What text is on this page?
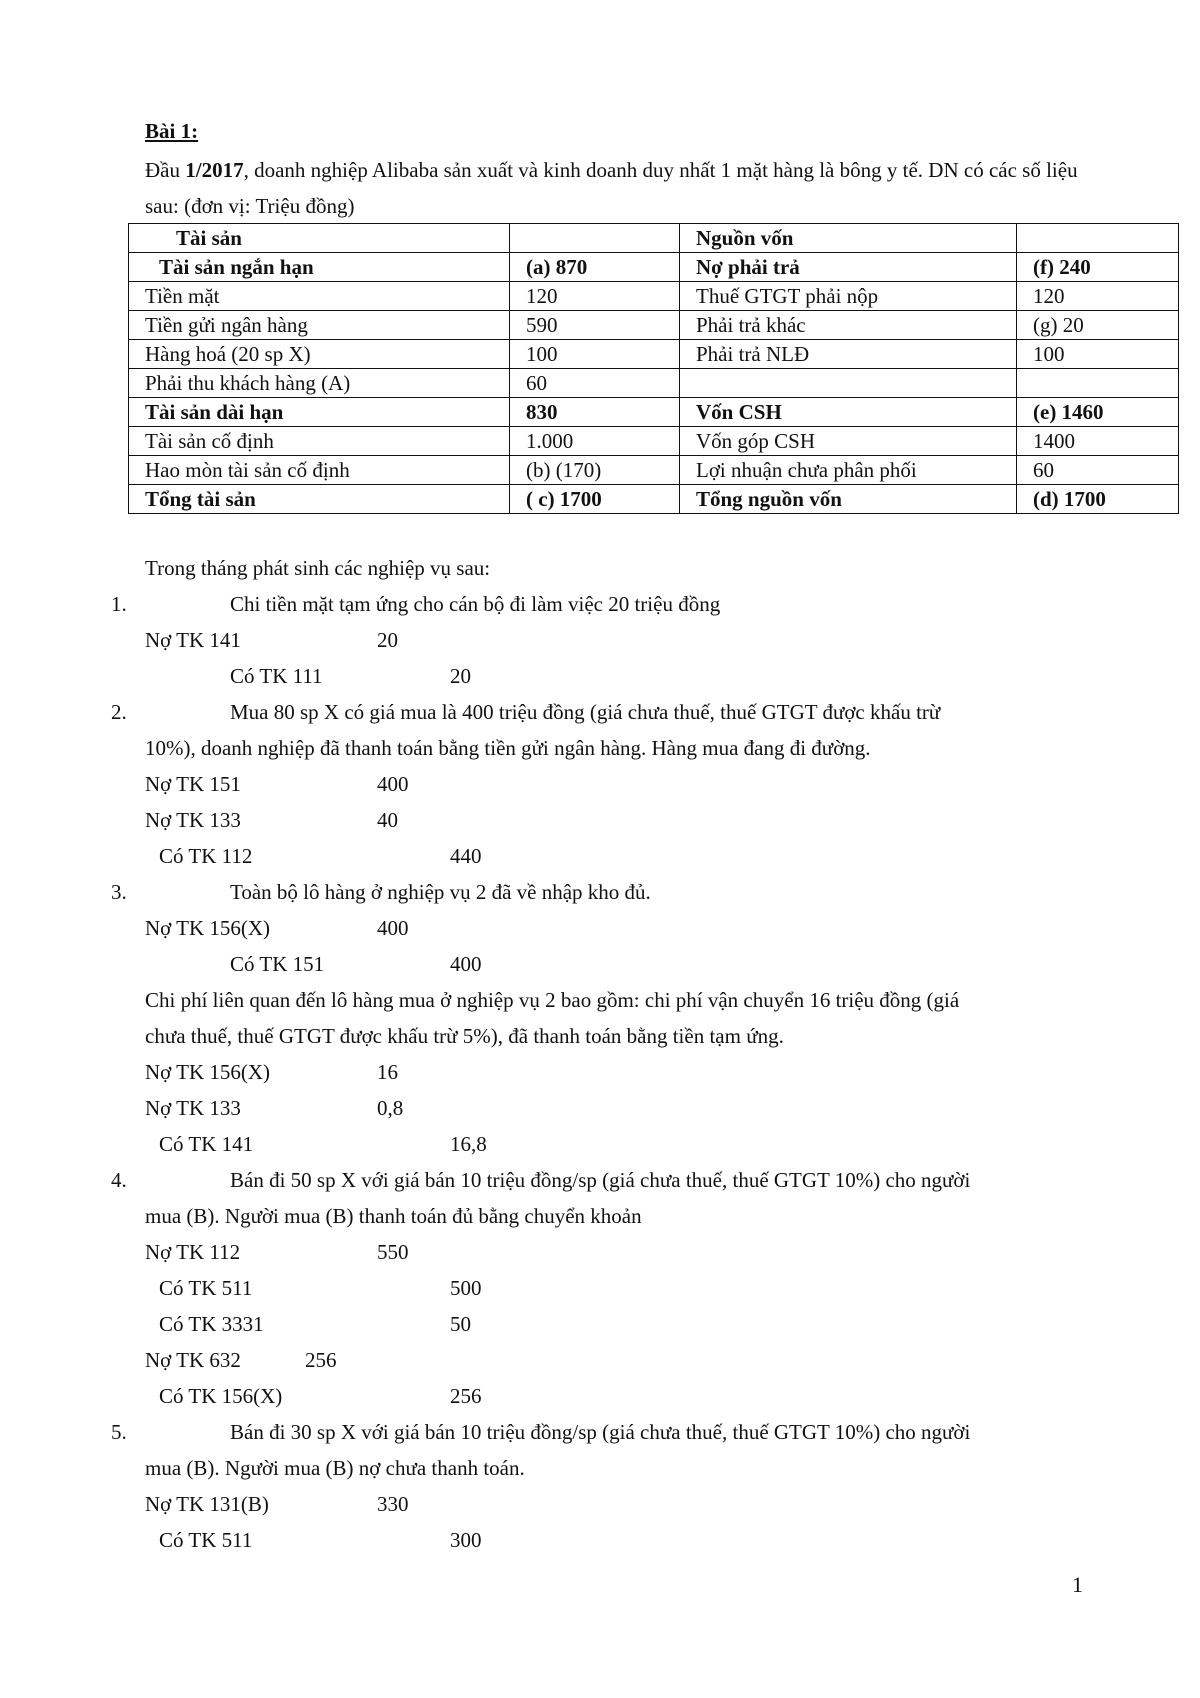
Bài 1:
Đầu 1/2017, doanh nghiệp Alibaba sản xuất và kinh doanh duy nhất 1 mặt hàng là bông y tế. DN có các số liệu sau: (đơn vị: Triệu đồng)
Tài sản		Nguồn vốn	
Tài sản ngắn hạn	(a) 870	Nợ phải trả	(f) 240
Tiền mặt	120	Thuế GTGT phải nộp	120
Tiền gửi ngân hàng	590	Phải trả khác	(g) 20
Hàng hoá (20 sp X)	100	Phải trả NLĐ	100
Phải thu khách hàng (A)	60		
Tài sản dài hạn	830	Vốn CSH	(e) 1460
Tài sản cố định	1.000	Vốn góp CSH	1400
Hao mòn tài sản cố định	(b) (170)	Lợi nhuận chưa phân phối	60
Tổng tài sản	( c) 1700	Tổng nguồn vốn	(d) 1700
Trong tháng phát sinh các nghiệp vụ sau:
1.	Chi tiền mặt tạm ứng cho cán bộ đi làm việc 20 triệu đồng
Nợ TK 141	20
Có TK 111	20
2.	Mua 80 sp X có giá mua là 400 triệu đồng (giá chưa thuế, thuế GTGT được khấu trừ
10%), doanh nghiệp đã thanh toán bằng tiền gửi ngân hàng. Hàng mua đang đi đường.
Nợ TK 151	400
Nợ TK 133	40
Có TK 112	440
3.	Toàn bộ lô hàng ở nghiệp vụ 2 đã về nhập kho đủ.
Nợ TK 156(X)	400
Có TK 151	400
Chi phí liên quan đến lô hàng mua ở nghiệp vụ 2 bao gồm: chi phí vận chuyển 16 triệu đồng (giá
chưa thuế, thuế GTGT được khấu trừ 5%), đã thanh toán bằng tiền tạm ứng.
Nợ TK 156(X)	16
Nợ TK 133	0,8
Có TK 141	16,8
4.	Bán đi 50 sp X với giá bán 10 triệu đồng/sp (giá chưa thuế, thuế GTGT 10%) cho người
mua (B). Người mua (B) thanh toán đủ bằng chuyển khoản
Nợ TK 112	550
Có TK 511	500
Có TK 3331	50
Nợ TK 632	256
Có TK 156(X)	256
5.	Bán đi 30 sp X với giá bán 10 triệu đồng/sp (giá chưa thuế, thuế GTGT 10%) cho người
mua (B). Người mua (B) nợ chưa thanh toán.
Nợ TK 131(B)	330
Có TK 511	300
1
